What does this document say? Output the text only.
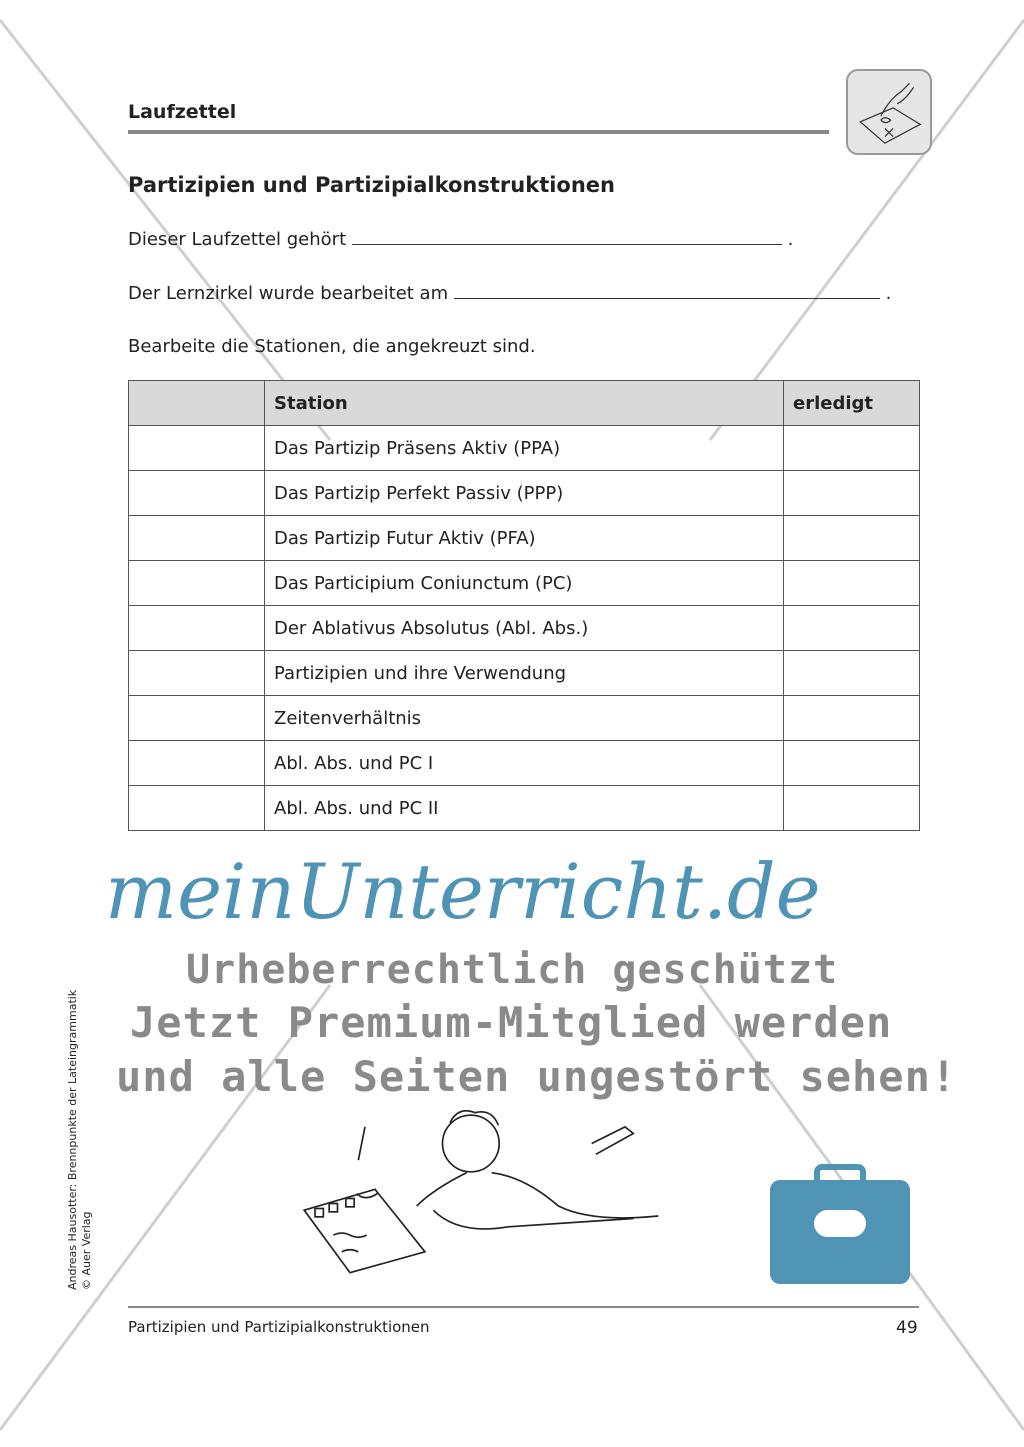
Laufzettel
Partizipien und Partizipialkonstruktionen
Dieser Laufzettel gehört	.
Der Lernzirkel wurde bearbeitet am	.
Bearbeite die Stationen, die angekreuzt sind.
	Station	erledigt
	Das Partizip Präsens Aktiv (PPA)	
	Das Partizip Perfekt Passiv (PPP)	
	Das Partizip Futur Aktiv (PFA)	
	Das Participium Coniunctum (PC)	
	Der Ablativus Absolutus (Abl. Abs.)	
	Partizipien und ihre Verwendung	
	Zeitenverhältnis	
	Abl. Abs. und PC I	
	Abl. Abs. und PC II	
meinUnterricht.de
Urheberrechtlich geschützt
Jetzt Premium-Mitglied werden
und alle Seiten ungestört sehen!
Partizipien und Partizipialkonstruktionen	49
Andreas Hausotter: Brennpunkte der Lateingrammatik © Auer Verlag
